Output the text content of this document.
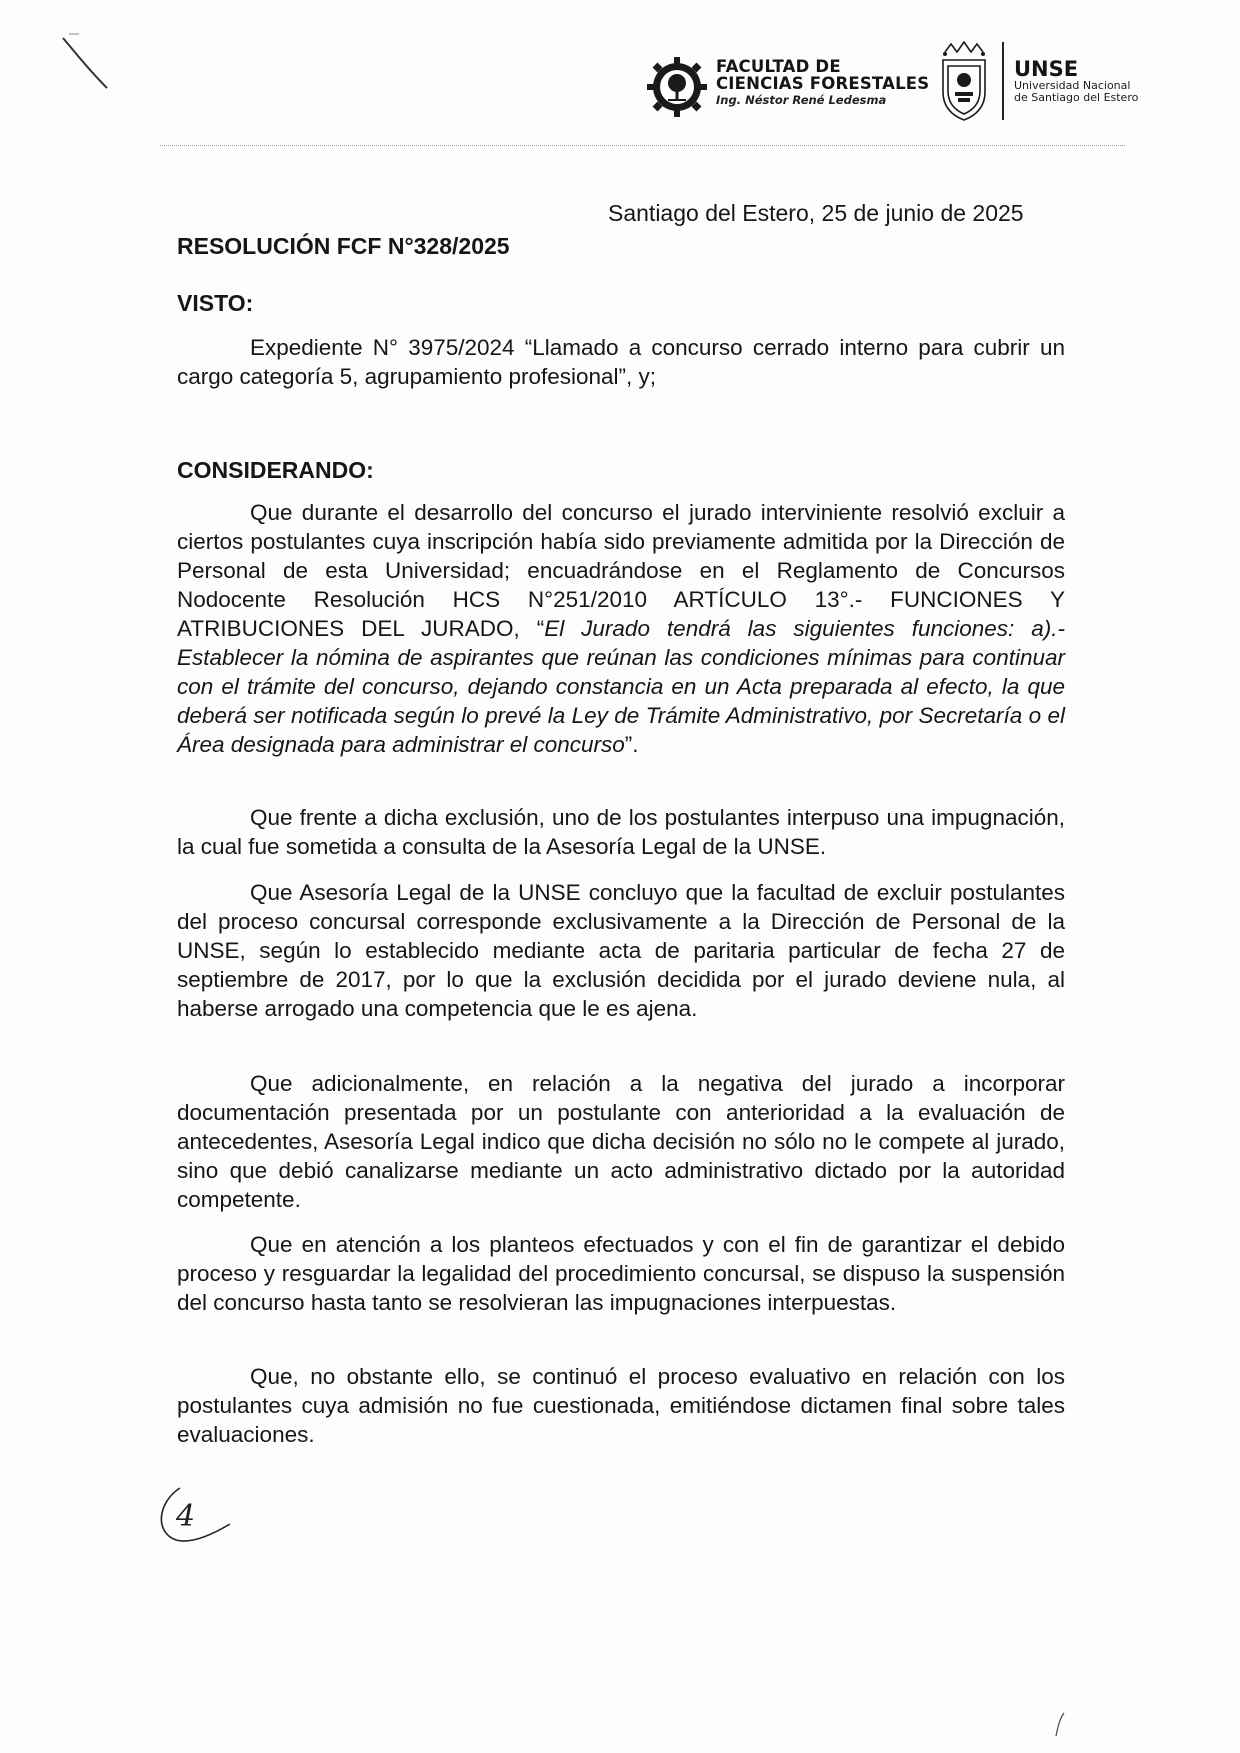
FACULTAD DE
CIENCIAS FORESTALES
Ing. Néstor René Ledesma
UNSE
Universidad Nacional
de Santiago del Estero
Santiago del Estero, 25 de junio de 2025
RESOLUCIÓN FCF N°328/2025
VISTO:
Expediente N° 3975/2024 “Llamado a concurso cerrado interno para cubrir un cargo categoría 5, agrupamiento profesional”, y;
CONSIDERANDO:
Que durante el desarrollo del concurso el jurado interviniente resolvió excluir a ciertos postulantes cuya inscripción había sido previamente admitida por la Dirección de Personal de esta Universidad; encuadrándose en el Reglamento de Concursos Nodocente Resolución HCS N°251/2010 ARTÍCULO 13°.- FUNCIONES Y ATRIBUCIONES DEL JURADO, “El Jurado tendrá las siguientes funciones: a).- Establecer la nómina de aspirantes que reúnan las condiciones mínimas para continuar con el trámite del concurso, dejando constancia en un Acta preparada al efecto, la que deberá ser notificada según lo prevé la Ley de Trámite Administrativo, por Secretaría o el Área designada para administrar el concurso”.
Que frente a dicha exclusión, uno de los postulantes interpuso una impugnación, la cual fue sometida a consulta de la Asesoría Legal de la UNSE.
Que Asesoría Legal de la UNSE concluyo que la facultad de excluir postulantes del proceso concursal corresponde exclusivamente a la Dirección de Personal de la UNSE, según lo establecido mediante acta de paritaria particular de fecha 27 de septiembre de 2017, por lo que la exclusión decidida por el jurado deviene nula, al haberse arrogado una competencia que le es ajena.
Que adicionalmente, en relación a la negativa del jurado a incorporar documentación presentada por un postulante con anterioridad a la evaluación de antecedentes, Asesoría Legal indico que dicha decisión no sólo no le compete al jurado, sino que debió canalizarse mediante un acto administrativo dictado por la autoridad competente.
Que en atención a los planteos efectuados y con el fin de garantizar el debido proceso y resguardar la legalidad del procedimiento concursal, se dispuso la suspensión del concurso hasta tanto se resolvieran las impugnaciones interpuestas.
Que, no obstante ello, se continuó el proceso evaluativo en relación con los postulantes cuya admisión no fue cuestionada, emitiéndose dictamen final sobre tales evaluaciones.
4
